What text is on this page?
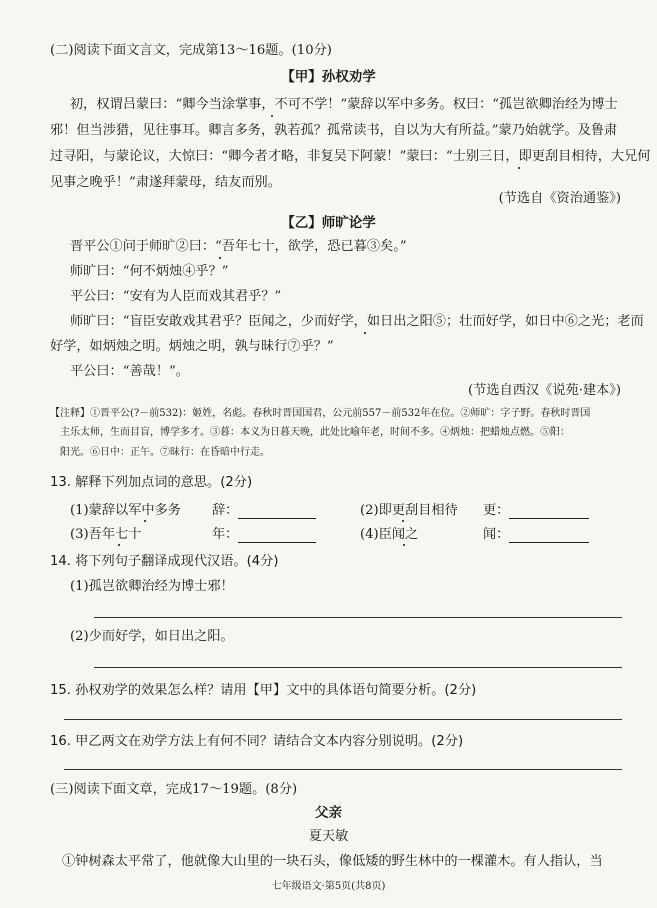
(二)阅读下面文言文，完成第13～16题。(10分)
【甲】孙权劝学
初，权谓吕蒙曰：“卿今当涂掌事，不可不学！”蒙辞以军中多务。权曰：“孤岂欲卿治经为博士
邪！但当涉猎，见往事耳。卿言多务，孰若孤？孤常读书，自以为大有所益。”蒙乃始就学。及鲁肃
过寻阳，与蒙论议，大惊曰：“卿今者才略，非复吴下阿蒙！”蒙曰：“士别三日，即更刮目相待，大兄何
见事之晚乎！”肃遂拜蒙母，结友而别。
(节选自《资治通鉴》)
【乙】师旷论学
晋平公①问于师旷②曰：“吾年七十，欲学，恐已暮③矣。”
师旷曰：“何不炳烛④乎？”
平公曰：“安有为人臣而戏其君乎？”
师旷曰：“盲臣安敢戏其君乎？臣闻之，少而好学，如日出之阳⑤；壮而好学，如日中⑥之光；老而
好学，如炳烛之明。炳烛之明，孰与昧行⑦乎？”
平公曰：“善哉！”。
(节选自西汉《说苑·建本》)
【注释】①晋平公(?－前532)：姬姓，名彪。春秋时晋国国君，公元前557－前532年在位。②师旷：字子野。春秋时晋国
主乐太师，生而目盲，博学多才。③暮：本义为日暮天晚，此处比喻年老，时间不多。④炳烛：把蜡烛点燃。⑤阳：
阳光。⑥日中：正午。⑦昧行：在昏暗中行走。
13. 解释下列加点词的意思。(2分)
(1)蒙辞以军中多务 辞：	(2)即更刮目相待 更：
(3)吾年七十	年：	(4)臣闻之	闻：
14. 将下列句子翻译成现代汉语。(4分)
(1)孤岂欲卿治经为博士邪！
(2)少而好学，如日出之阳。
15. 孙权劝学的效果怎么样？请用【甲】文中的具体语句简要分析。(2分)
16. 甲乙两文在劝学方法上有何不同？请结合文本内容分别说明。(2分)
(三)阅读下面文章，完成17～19题。(8分)
父亲
夏天敏
①钟树森太平常了，他就像大山里的一块石头，像低矮的野生林中的一棵灌木。有人指认，当
七年级语文·第5页(共8页)
